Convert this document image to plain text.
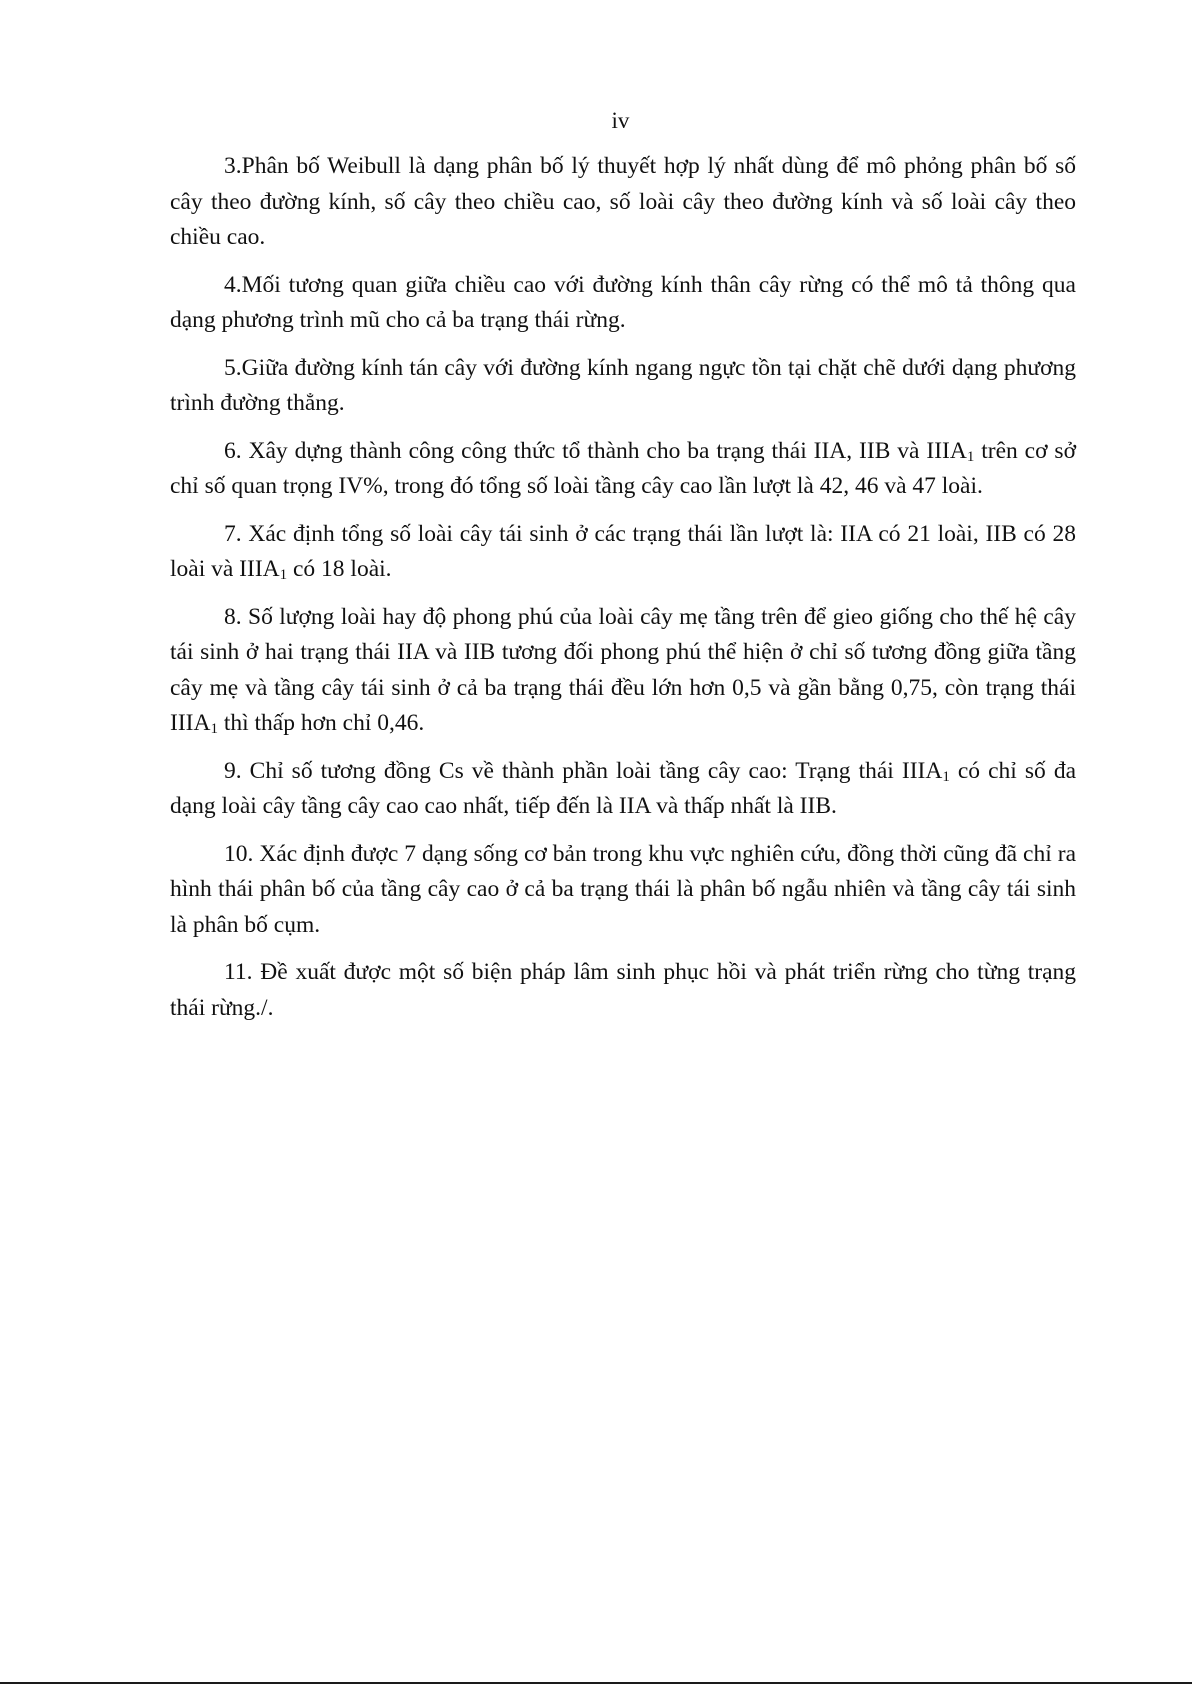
iv

3.Phân bố Weibull là dạng phân bố lý thuyết hợp lý nhất dùng để mô phỏng phân bố số cây theo đường kính, số cây theo chiều cao, số loài cây theo đường kính và số loài cây theo chiều cao.

4.Mối tương quan giữa chiều cao với đường kính thân cây rừng có thể mô tả thông qua dạng phương trình mũ cho cả ba trạng thái rừng.

5.Giữa đường kính tán cây với đường kính ngang ngực tồn tại chặt chẽ dưới dạng phương trình đường thẳng.

6. Xây dựng thành công công thức tổ thành cho ba trạng thái IIA, IIB và $IIIA_1$ trên cơ sở chỉ số quan trọng IV%, trong đó tổng số loài tầng cây cao lần lượt là 42, 46 và 47 loài.

7. Xác định tổng số loài cây tái sinh ở các trạng thái lần lượt là: IIA có 21 loài, IIB có 28 loài và $IIIA_1$ có 18 loài.

8. Số lượng loài hay độ phong phú của loài cây mẹ tầng trên để gieo giống cho thế hệ cây tái sinh ở hai trạng thái IIA và IIB tương đối phong phú thể hiện ở chỉ số tương đồng giữa tầng cây mẹ và tầng cây tái sinh ở cả ba trạng thái đều lớn hơn 0,5 và gần bằng 0,75, còn trạng thái $IIIA_1$ thì thấp hơn chỉ 0,46.

9. Chỉ số tương đồng Cs về thành phần loài tầng cây cao: Trạng thái $IIIA_1$ có chỉ số đa dạng loài cây tầng cây cao cao nhất, tiếp đến là IIA và thấp nhất là IIB.

10. Xác định được 7 dạng sống cơ bản trong khu vực nghiên cứu, đồng thời cũng đã chỉ ra hình thái phân bố của tầng cây cao ở cả ba trạng thái là phân bố ngẫu nhiên và tầng cây tái sinh là phân bố cụm.

11. Đề xuất được một số biện pháp lâm sinh phục hồi và phát triển rừng cho từng trạng thái rừng./.
